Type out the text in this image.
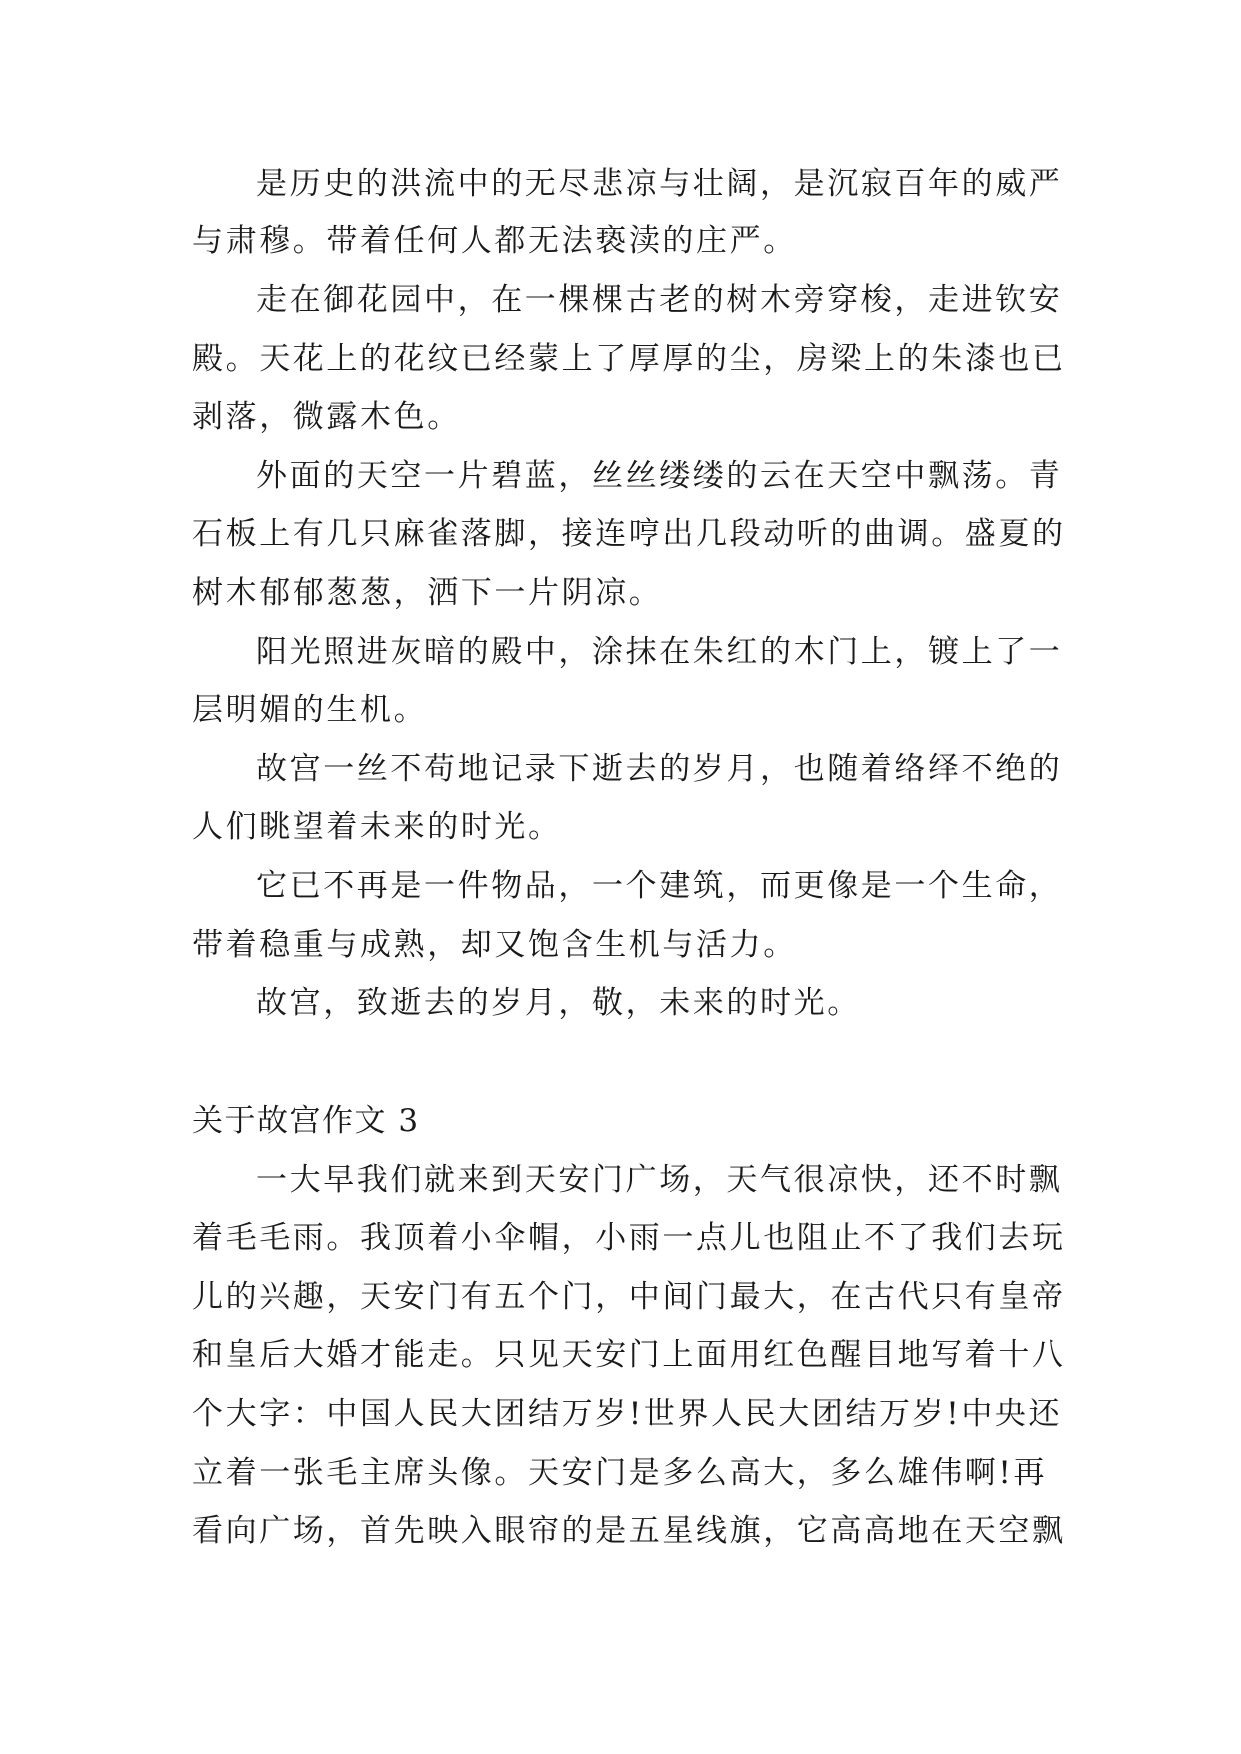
是历史的洪流中的无尽悲凉与壮阔，是沉寂百年的威严
与肃穆。带着任何人都无法亵渎的庄严。
走在御花园中，在一棵棵古老的树木旁穿梭，走进钦安
殿。天花上的花纹已经蒙上了厚厚的尘，房梁上的朱漆也已
剥落，微露木色。
外面的天空一片碧蓝，丝丝缕缕的云在天空中飘荡。青
石板上有几只麻雀落脚，接连哼出几段动听的曲调。盛夏的
树木郁郁葱葱，洒下一片阴凉。
阳光照进灰暗的殿中，涂抹在朱红的木门上，镀上了一
层明媚的生机。
故宫一丝不苟地记录下逝去的岁月，也随着络绎不绝的
人们眺望着未来的时光。
它已不再是一件物品，一个建筑，而更像是一个生命，
带着稳重与成熟，却又饱含生机与活力。
故宫，致逝去的岁月，敬，未来的时光。
关于故宫作文 3
一大早我们就来到天安门广场，天气很凉快，还不时飘
着毛毛雨。我顶着小伞帽，小雨一点儿也阻止不了我们去玩
儿的兴趣，天安门有五个门，中间门最大，在古代只有皇帝
和皇后大婚才能走。只见天安门上面用红色醒目地写着十八
个大字：中国人民大团结万岁!世界人民大团结万岁!中央还
立着一张毛主席头像。天安门是多么高大，多么雄伟啊!再
看向广场，首先映入眼帘的是五星线旗，它高高地在天空飘
